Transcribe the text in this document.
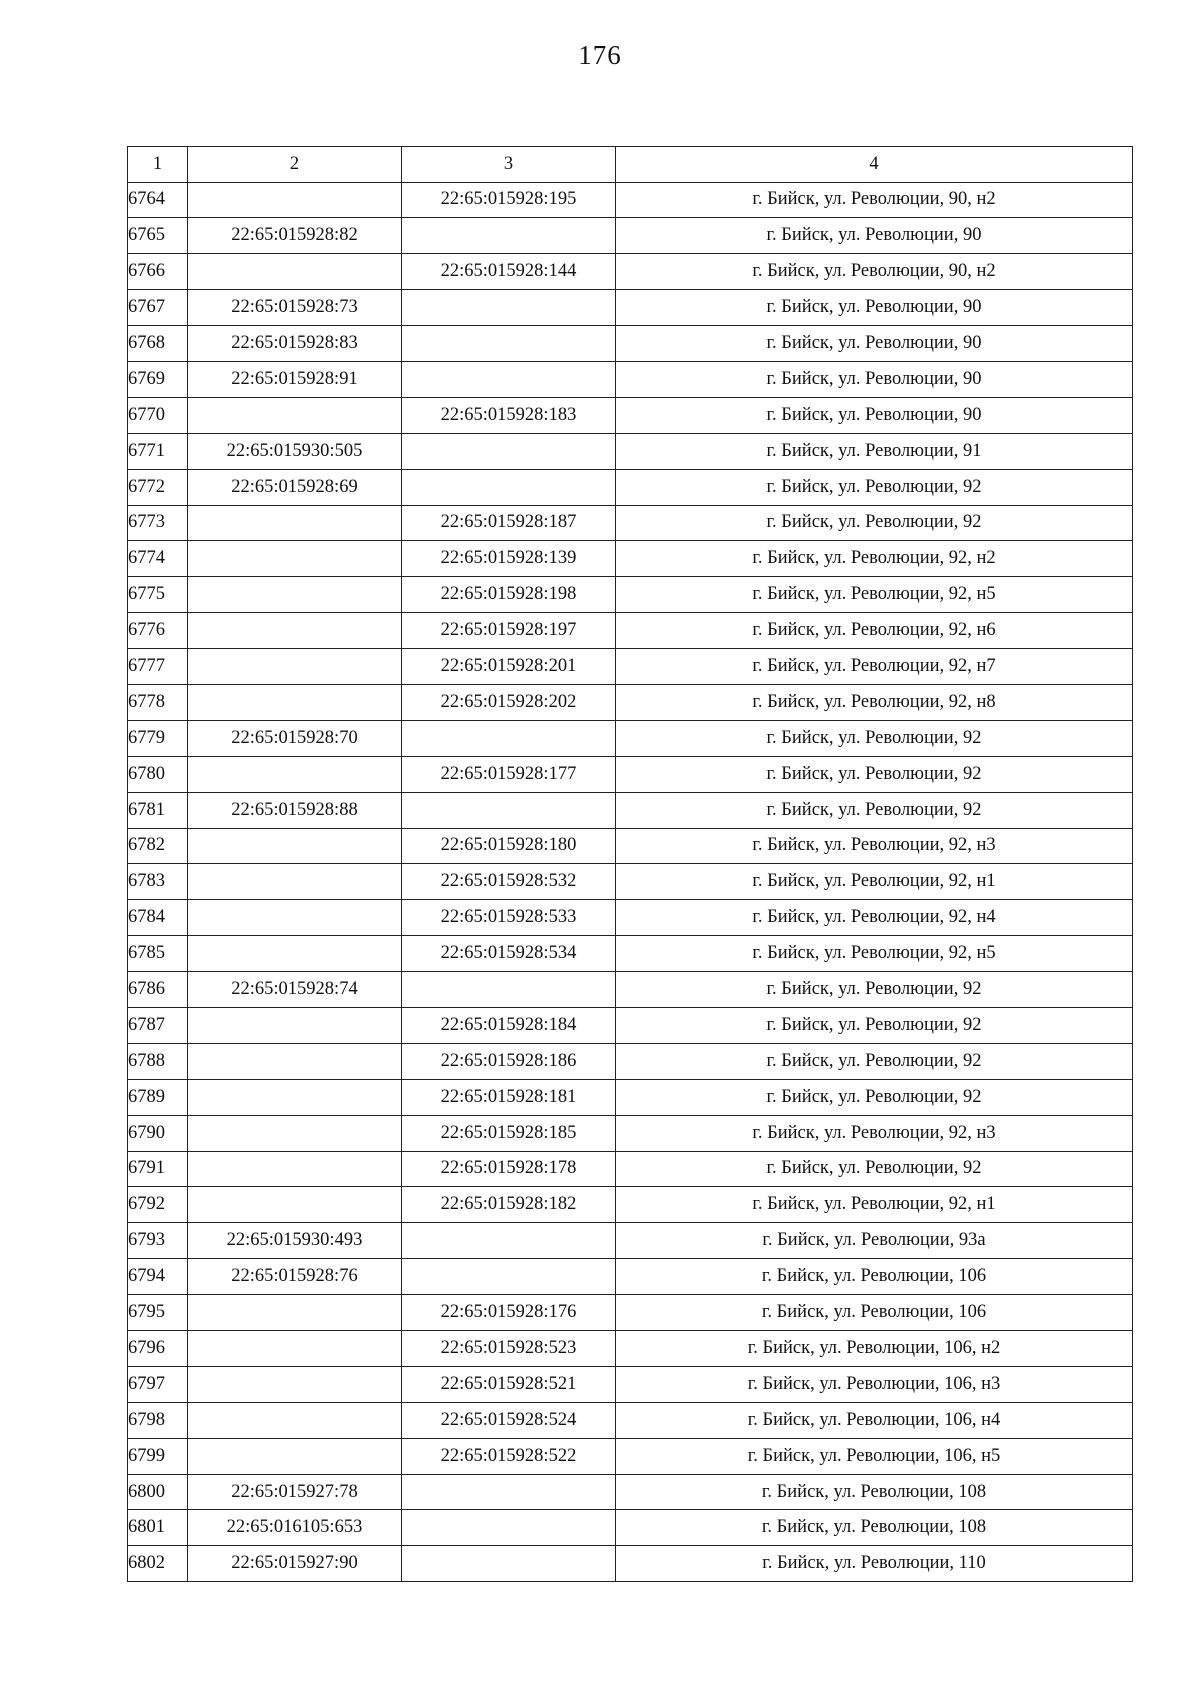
176
1	2	3	4
6764		22:65:015928:195	г. Бийск, ул. Революции, 90, н2
6765	22:65:015928:82		г. Бийск, ул. Революции, 90
6766		22:65:015928:144	г. Бийск, ул. Революции, 90, н2
6767	22:65:015928:73		г. Бийск, ул. Революции, 90
6768	22:65:015928:83		г. Бийск, ул. Революции, 90
6769	22:65:015928:91		г. Бийск, ул. Революции, 90
6770		22:65:015928:183	г. Бийск, ул. Революции, 90
6771	22:65:015930:505		г. Бийск, ул. Революции, 91
6772	22:65:015928:69		г. Бийск, ул. Революции, 92
6773		22:65:015928:187	г. Бийск, ул. Революции, 92
6774		22:65:015928:139	г. Бийск, ул. Революции, 92, н2
6775		22:65:015928:198	г. Бийск, ул. Революции, 92, н5
6776		22:65:015928:197	г. Бийск, ул. Революции, 92, н6
6777		22:65:015928:201	г. Бийск, ул. Революции, 92, н7
6778		22:65:015928:202	г. Бийск, ул. Революции, 92, н8
6779	22:65:015928:70		г. Бийск, ул. Революции, 92
6780		22:65:015928:177	г. Бийск, ул. Революции, 92
6781	22:65:015928:88		г. Бийск, ул. Революции, 92
6782		22:65:015928:180	г. Бийск, ул. Революции, 92, н3
6783		22:65:015928:532	г. Бийск, ул. Революции, 92, н1
6784		22:65:015928:533	г. Бийск, ул. Революции, 92, н4
6785		22:65:015928:534	г. Бийск, ул. Революции, 92, н5
6786	22:65:015928:74		г. Бийск, ул. Революции, 92
6787		22:65:015928:184	г. Бийск, ул. Революции, 92
6788		22:65:015928:186	г. Бийск, ул. Революции, 92
6789		22:65:015928:181	г. Бийск, ул. Революции, 92
6790		22:65:015928:185	г. Бийск, ул. Революции, 92, н3
6791		22:65:015928:178	г. Бийск, ул. Революции, 92
6792		22:65:015928:182	г. Бийск, ул. Революции, 92, н1
6793	22:65:015930:493		г. Бийск, ул. Революции, 93а
6794	22:65:015928:76		г. Бийск, ул. Революции, 106
6795		22:65:015928:176	г. Бийск, ул. Революции, 106
6796		22:65:015928:523	г. Бийск, ул. Революции, 106, н2
6797		22:65:015928:521	г. Бийск, ул. Революции, 106, н3
6798		22:65:015928:524	г. Бийск, ул. Революции, 106, н4
6799		22:65:015928:522	г. Бийск, ул. Революции, 106, н5
6800	22:65:015927:78		г. Бийск, ул. Революции, 108
6801	22:65:016105:653		г. Бийск, ул. Революции, 108
6802	22:65:015927:90		г. Бийск, ул. Революции, 110
